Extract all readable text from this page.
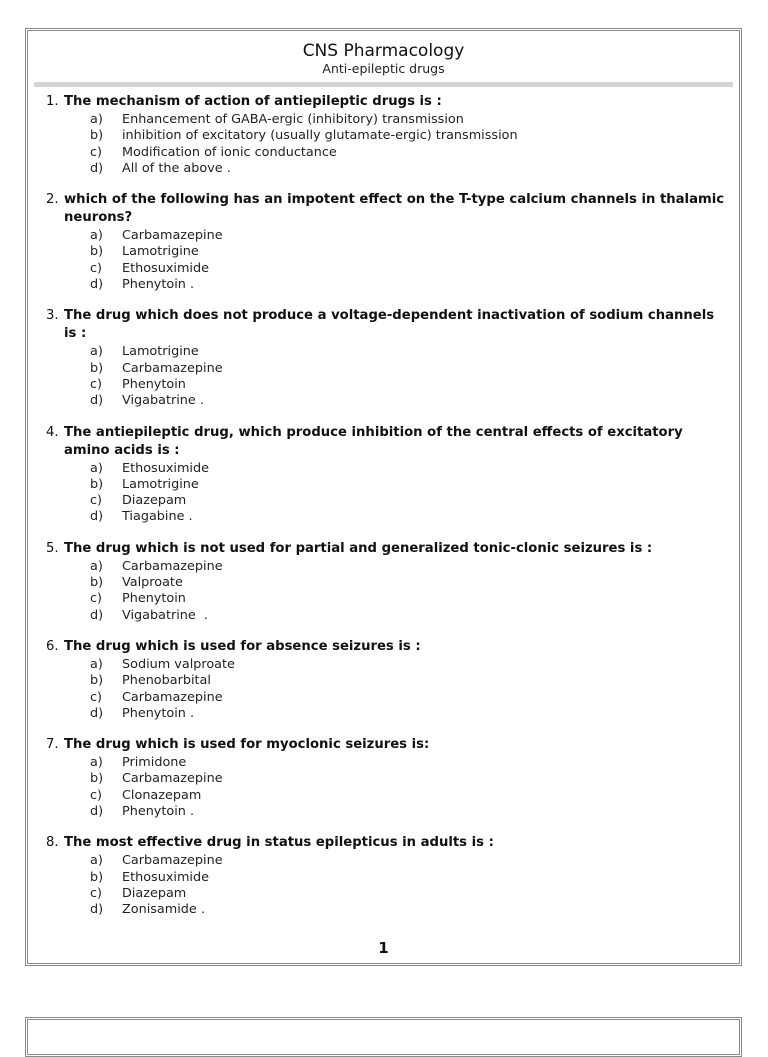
CNS Pharmacology
Anti-epileptic drugs
1. The mechanism of action of antiepileptic drugs is :
a)	Enhancement of GABA-ergic (inhibitory) transmission
b)	inhibition of excitatory (usually glutamate-ergic) transmission
c)	Modification of ionic conductance
d)	All of the above .
2. which of the following has an impotent effect on the T-type calcium channels in thalamic neurons?
a)	Carbamazepine
b)	Lamotrigine
c)	Ethosuximide
d)	Phenytoin .
3. The drug which does not produce a voltage-dependent inactivation of sodium channels is :
a)	Lamotrigine
b)	Carbamazepine
c)	Phenytoin
d)	Vigabatrine .
4. The antiepileptic drug, which produce inhibition of the central effects of excitatory amino acids is :
a)	Ethosuximide
b)	Lamotrigine
c)	Diazepam
d)	Tiagabine .
5. The drug which is not used for partial and generalized tonic-clonic seizures is :
a)	Carbamazepine
b)	Valproate
c)	Phenytoin
d)	Vigabatrine  .
6. The drug which is used for absence seizures is :
a)	Sodium valproate
b)	Phenobarbital
c)	Carbamazepine
d)	Phenytoin .
7. The drug which is used for myoclonic seizures is:
a)	Primidone
b)	Carbamazepine
c)	Clonazepam
d)	Phenytoin .
8. The most effective drug in status epilepticus in adults is :
a)	Carbamazepine
b)	Ethosuximide
c)	Diazepam
d)	Zonisamide .
1
